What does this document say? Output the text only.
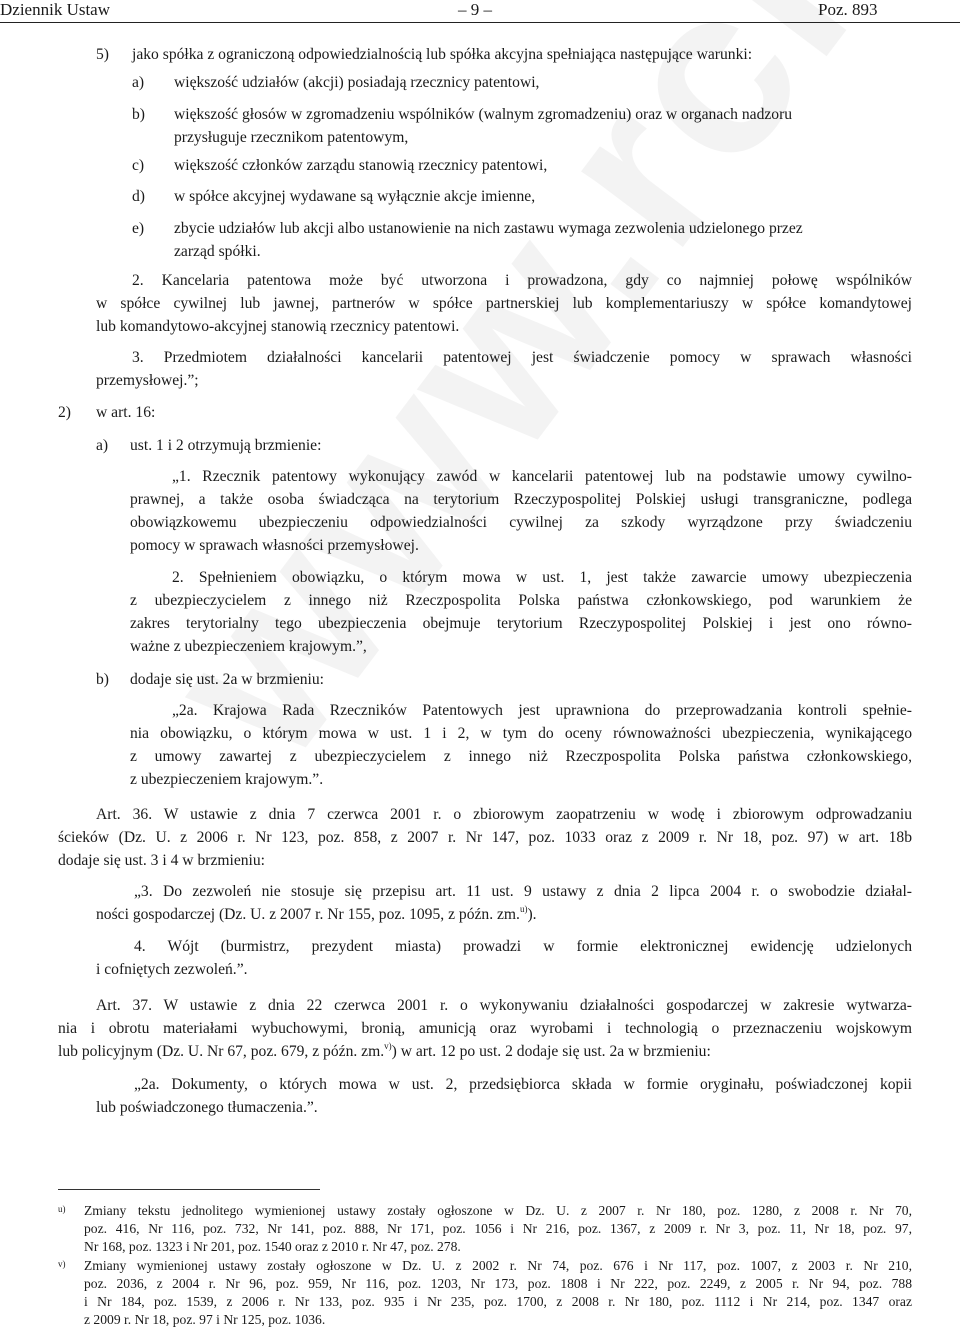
Dziennik Ustaw	– 9 –	Poz. 893
5) jako spółka z ograniczoną odpowiedzialnością lub spółka akcyjna spełniająca następujące warunki:
a) większość udziałów (akcji) posiadają rzecznicy patentowi,
b) większość głosów w zgromadzeniu wspólników (walnym zgromadzeniu) oraz w organach nadzoru
przysługuje rzecznikom patentowym,
c) większość członków zarządu stanowią rzecznicy patentowi,
d) w spółce akcyjnej wydawane są wyłącznie akcje imienne,
e) zbycie udziałów lub akcji albo ustanowienie na nich zastawu wymaga zezwolenia udzielonego przez
zarząd spółki.
2. Kancelaria patentowa może być utworzona i prowadzona, gdy co najmniej połowę wspólników
w spółce cywilnej lub jawnej, partnerów w spółce partnerskiej lub komplementariuszy w spółce komandytowej
lub komandytowo-akcyjnej stanowią rzecznicy patentowi.
3. Przedmiotem działalności kancelarii patentowej jest świadczenie pomocy w sprawach własności
przemysłowej.”;
2) w art. 16:
a) ust. 1 i 2 otrzymują brzmienie:
„1. Rzecznik patentowy wykonujący zawód w kancelarii patentowej lub na podstawie umowy cywilno-
prawnej, a także osoba świadcząca na terytorium Rzeczypospolitej Polskiej usługi transgraniczne, podlega
obowiązkowemu ubezpieczeniu odpowiedzialności cywilnej za szkody wyrządzone przy świadczeniu
pomocy w sprawach własności przemysłowej.
2. Spełnieniem obowiązku, o którym mowa w ust. 1, jest także zawarcie umowy ubezpieczenia
z ubezpieczycielem z innego niż Rzeczpospolita Polska państwa członkowskiego, pod warunkiem że
zakres terytorialny tego ubezpieczenia obejmuje terytorium Rzeczypospolitej Polskiej i jest ono równo-
ważne z ubezpieczeniem krajowym.”,
b) dodaje się ust. 2a w brzmieniu:
„2a. Krajowa Rada Rzeczników Patentowych jest uprawniona do przeprowadzania kontroli spełnie-
nia obowiązku, o którym mowa w ust. 1 i 2, w tym do oceny równoważności ubezpieczenia, wynikającego
z umowy zawartej z ubezpieczycielem z innego niż Rzeczpospolita Polska państwa członkowskiego,
z ubezpieczeniem krajowym.”.
Art. 36. W ustawie z dnia 7 czerwca 2001 r. o zbiorowym zaopatrzeniu w wodę i zbiorowym odprowadzaniu
ścieków (Dz. U. z 2006 r. Nr 123, poz. 858, z 2007 r. Nr 147, poz. 1033 oraz z 2009 r. Nr 18, poz. 97) w art. 18b
dodaje się ust. 3 i 4 w brzmieniu:
„3. Do zezwoleń nie stosuje się przepisu art. 11 ust. 9 ustawy z dnia 2 lipca 2004 r. o swobodzie działal-
ności gospodarczej (Dz. U. z 2007 r. Nr 155, poz. 1095, z późn. zm.$^{u)}$).
4. Wójt (burmistrz, prezydent miasta) prowadzi w formie elektronicznej ewidencję udzielonych
i cofniętych zezwoleń.”.
Art. 37. W ustawie z dnia 22 czerwca 2001 r. o wykonywaniu działalności gospodarczej w zakresie wytwarza-
nia i obrotu materiałami wybuchowymi, bronią, amunicją oraz wyrobami i technologią o przeznaczeniu wojskowym
lub policyjnym (Dz. U. Nr 67, poz. 679, z późn. zm.$^{v)}$) w art. 12 po ust. 2 dodaje się ust. 2a w brzmieniu:
„2a. Dokumenty, o których mowa w ust. 2, przedsiębiorca składa w formie oryginału, poświadczonej kopii
lub poświadczonego tłumaczenia.”.
u) Zmiany tekstu jednolitego wymienionej ustawy zostały ogłoszone w Dz. U. z 2007 r. Nr 180, poz. 1280, z 2008 r. Nr 70,
poz. 416, Nr 116, poz. 732, Nr 141, poz. 888, Nr 171, poz. 1056 i Nr 216, poz. 1367, z 2009 r. Nr 3, poz. 11, Nr 18, poz. 97,
Nr 168, poz. 1323 i Nr 201, poz. 1540 oraz z 2010 r. Nr 47, poz. 278.
v) Zmiany wymienionej ustawy zostały ogłoszone w Dz. U. z 2002 r. Nr 74, poz. 676 i Nr 117, poz. 1007, z 2003 r. Nr 210,
poz. 2036, z 2004 r. Nr 96, poz. 959, Nr 116, poz. 1203, Nr 173, poz. 1808 i Nr 222, poz. 2249, z 2005 r. Nr 94, poz. 788
i Nr 184, poz. 1539, z 2006 r. Nr 133, poz. 935 i Nr 235, poz. 1700, z 2008 r. Nr 180, poz. 1112 i Nr 214, poz. 1347 oraz
z 2009 r. Nr 18, poz. 97 i Nr 125, poz. 1036.
